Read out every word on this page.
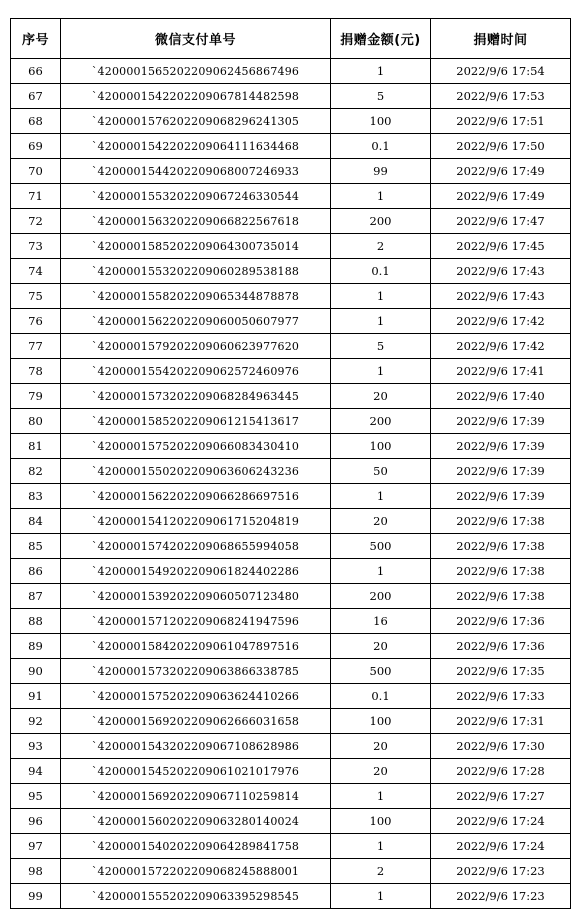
序号	微信支付单号	捐赠金额(元)	捐赠时间
66	`4200001565202209062456867496	1	2022/9/6 17:54
67	`4200001542202209067814482598	5	2022/9/6 17:53
68	`4200001576202209068296241305	100	2022/9/6 17:51
69	`4200001542202209064111634468	0.1	2022/9/6 17:50
70	`4200001544202209068007246933	99	2022/9/6 17:49
71	`4200001553202209067246330544	1	2022/9/6 17:49
72	`4200001563202209066822567618	200	2022/9/6 17:47
73	`4200001585202209064300735014	2	2022/9/6 17:45
74	`4200001553202209060289538188	0.1	2022/9/6 17:43
75	`4200001558202209065344878878	1	2022/9/6 17:43
76	`4200001562202209060050607977	1	2022/9/6 17:42
77	`4200001579202209060623977620	5	2022/9/6 17:42
78	`4200001554202209062572460976	1	2022/9/6 17:41
79	`4200001573202209068284963445	20	2022/9/6 17:40
80	`4200001585202209061215413617	200	2022/9/6 17:39
81	`4200001575202209066083430410	100	2022/9/6 17:39
82	`4200001550202209063606243236	50	2022/9/6 17:39
83	`4200001562202209066286697516	1	2022/9/6 17:39
84	`4200001541202209061715204819	20	2022/9/6 17:38
85	`4200001574202209068655994058	500	2022/9/6 17:38
86	`4200001549202209061824402286	1	2022/9/6 17:38
87	`4200001539202209060507123480	200	2022/9/6 17:38
88	`4200001571202209068241947596	16	2022/9/6 17:36
89	`4200001584202209061047897516	20	2022/9/6 17:36
90	`4200001573202209063866338785	500	2022/9/6 17:35
91	`4200001575202209063624410266	0.1	2022/9/6 17:33
92	`4200001569202209062666031658	100	2022/9/6 17:31
93	`4200001543202209067108628986	20	2022/9/6 17:30
94	`4200001545202209061021017976	20	2022/9/6 17:28
95	`4200001569202209067110259814	1	2022/9/6 17:27
96	`4200001560202209063280140024	100	2022/9/6 17:24
97	`4200001540202209064289841758	1	2022/9/6 17:24
98	`4200001572202209068245888001	2	2022/9/6 17:23
99	`4200001555202209063395298545	1	2022/9/6 17:23
